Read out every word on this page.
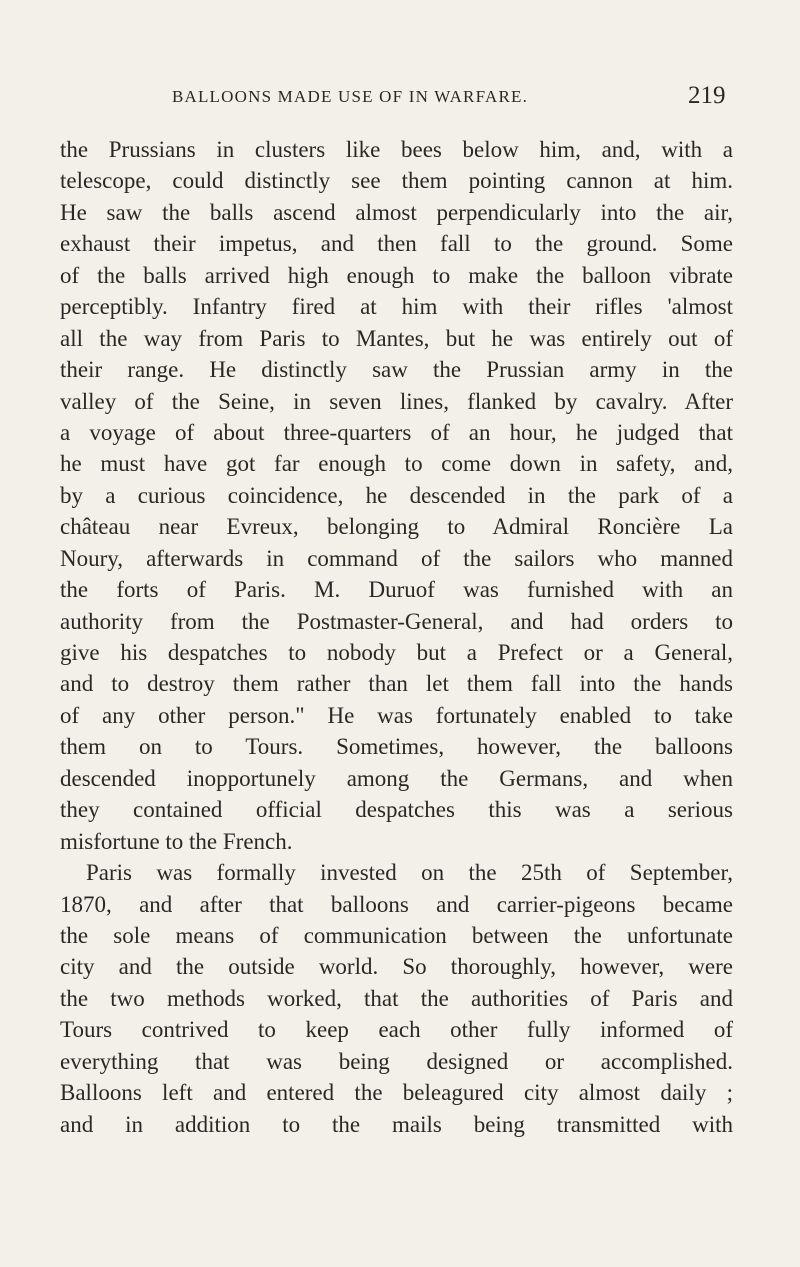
BALLOONS MADE USE OF IN WARFARE.	219
the Prussians in clusters like bees below him, and, with a
telescope, could distinctly see them pointing cannon at him.
He saw the balls ascend almost perpendicularly into the air,
exhaust their impetus, and then fall to the ground. Some
of the balls arrived high enough to make the balloon vibrate
perceptibly. Infantry fired at him with their rifles 'almost
all the way from Paris to Mantes, but he was entirely out of
their range. He distinctly saw the Prussian army in the
valley of the Seine, in seven lines, flanked by cavalry. After
a voyage of about three-quarters of an hour, he judged that
he must have got far enough to come down in safety, and,
by a curious coincidence, he descended in the park of a
château near Evreux, belonging to Admiral Roncière La
Noury, afterwards in command of the sailors who manned
the forts of Paris. M. Duruof was furnished with an
authority from the Postmaster-General, and had orders to
give his despatches to nobody but a Prefect or a General,
and to destroy them rather than let them fall into the hands
of any other person." He was fortunately enabled to take
them on to Tours. Sometimes, however, the balloons
descended inopportunely among the Germans, and when
they contained official despatches this was a serious
misfortune to the French.
Paris was formally invested on the 25th of September,
1870, and after that balloons and carrier-pigeons became
the sole means of communication between the unfortunate
city and the outside world. So thoroughly, however, were
the two methods worked, that the authorities of Paris and
Tours contrived to keep each other fully informed of
everything that was being designed or accomplished.
Balloons left and entered the beleagured city almost daily ;
and in addition to the mails being transmitted with
